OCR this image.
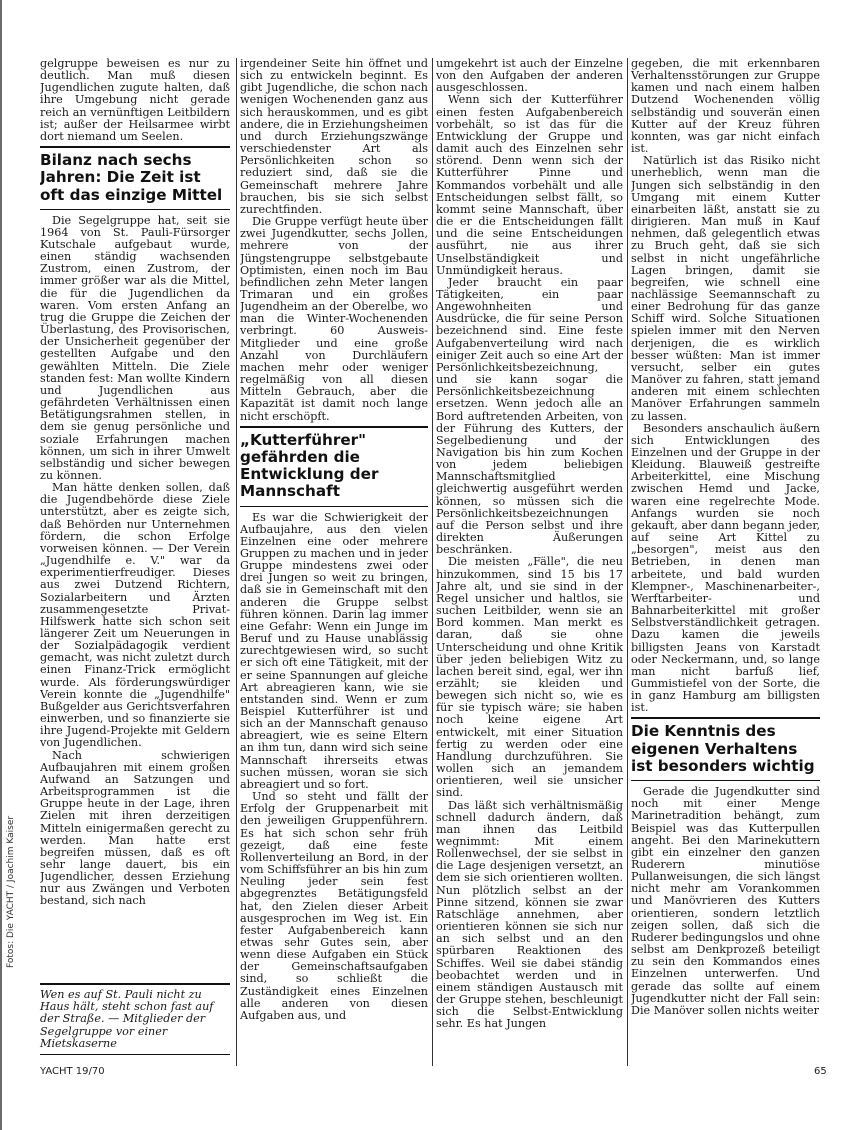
gelgruppe beweisen es nur zu deutlich. Man muß diesen Jugendlichen zugute halten, daß ihre Umgebung nicht gerade reich an vernünftigen Leitbildern ist; außer der Heilsarmee wirbt dort niemand um Seelen.

Bilanz nach sechs Jahren: Die Zeit ist oft das einzige Mittel

Die Segelgruppe hat, seit sie 1964 von St. Pauli-Fürsorger Kutschale aufgebaut wurde, einen ständig wachsenden Zustrom, einen Zustrom, der immer größer war als die Mittel, die für die Jugendlichen da waren. Vom ersten Anfang an trug die Gruppe die Zeichen der Überlastung, des Provisorischen, der Unsicherheit gegenüber der gestellten Aufgabe und den gewählten Mitteln. Die Ziele standen fest: Man wollte Kindern und Jugendlichen aus gefährdeten Verhältnissen einen Betätigungsrahmen stellen, in dem sie genug persönliche und soziale Erfahrungen machen können, um sich in ihrer Umwelt selbständig und sicher bewegen zu können.

Man hätte denken sollen, daß die Jugendbehörde diese Ziele unterstützt, aber es zeigte sich, daß Behörden nur Unternehmen fördern, die schon Erfolge vorweisen können. — Der Verein „Jugendhilfe e. V." war da experimentierfreudiger. Dieses aus zwei Dutzend Richtern, Sozialarbeitern und Ärzten zusammengesetzte Privat-Hilfswerk hatte sich schon seit längerer Zeit um Neuerungen in der Sozialpädagogik verdient gemacht, was nicht zuletzt durch einen Finanz-Trick ermöglicht wurde. Als förderungswürdiger Verein konnte die „Jugendhilfe" Bußgelder aus Gerichtsverfahren einwerben, und so finanzierte sie ihre Jugend-Projekte mit Geldern von Jugendlichen.

Nach schwierigen Aufbaujahren mit einem großen Aufwand an Satzungen und Arbeitsprogrammen ist die Gruppe heute in der Lage, ihren Zielen mit ihren derzeitigen Mitteln einigermaßen gerecht zu werden. Man hatte erst begreifen müssen, daß es oft sehr lange dauert, bis ein Jugendlicher, dessen Erziehung nur aus Zwängen und Verboten bestand, sich nach

irgendeiner Seite hin öffnet und sich zu entwickeln beginnt. Es gibt Jugendliche, die schon nach wenigen Wochenenden ganz aus sich herauskommen, und es gibt andere, die in Erziehungsheimen und durch Erziehungszwänge verschiedenster Art als Persönlichkeiten schon so reduziert sind, daß sie die Gemeinschaft mehrere Jahre brauchen, bis sie sich selbst zurechtfinden.

Die Gruppe verfügt heute über zwei Jugendkutter, sechs Jollen, mehrere von der Jüngstengruppe selbstgebaute Optimisten, einen noch im Bau befindlichen zehn Meter langen Trimaran und ein großes Jugendheim an der Oberelbe, wo man die Winter-Wochenenden verbringt. 60 Ausweis-Mitglieder und eine große Anzahl von Durchläufern machen mehr oder weniger regelmäßig von all diesen Mitteln Gebrauch, aber die Kapazität ist damit noch lange nicht erschöpft.

„Kutterführer" gefährden die Entwicklung der Mannschaft

Es war die Schwierigkeit der Aufbaujahre, aus den vielen Einzelnen eine oder mehrere Gruppen zu machen und in jeder Gruppe mindestens zwei oder drei Jungen so weit zu bringen, daß sie in Gemeinschaft mit den anderen die Gruppe selbst führen können. Darin lag immer eine Gefahr: Wenn ein Junge im Beruf und zu Hause unablässig zurechtgewiesen wird, so sucht er sich oft eine Tätigkeit, mit der er seine Spannungen auf gleiche Art abreagieren kann, wie sie entstanden sind. Wenn er zum Beispiel Kutterführer ist und sich an der Mannschaft genauso abreagiert, wie es seine Eltern an ihm tun, dann wird sich seine Mannschaft ihrerseits etwas suchen müssen, woran sie sich abreagiert und so fort.

Und so steht und fällt der Erfolg der Gruppenarbeit mit den jeweiligen Gruppenführern. Es hat sich schon sehr früh gezeigt, daß eine feste Rollenverteilung an Bord, in der vom Schiffsführer an bis hin zum Neuling jeder sein fest abgegrenztes Betätigungsfeld hat, den Zielen dieser Arbeit ausgesprochen im Weg ist. Ein fester Aufgabenbereich kann etwas sehr Gutes sein, aber wenn diese Aufgaben ein Stück der Gemeinschaftsaufgaben sind, so schließt die Zuständigkeit eines Einzelnen alle anderen von diesen Aufgaben aus, und

umgekehrt ist auch der Einzelne von den Aufgaben der anderen ausgeschlossen.

Wenn sich der Kutterführer einen festen Aufgabenbereich vorbehält, so ist das für die Entwicklung der Gruppe und damit auch des Einzelnen sehr störend. Denn wenn sich der Kutterführer Pinne und Kommandos vorbehält und alle Entscheidungen selbst fällt, so kommt seine Mannschaft, über die er die Entscheidungen fällt und die seine Entscheidungen ausführt, nie aus ihrer Unselbständigkeit und Unmündigkeit heraus.

Jeder braucht ein paar Tätigkeiten, ein paar Angewohnheiten und Ausdrücke, die für seine Person bezeichnend sind. Eine feste Aufgabenverteilung wird nach einiger Zeit auch so eine Art der Persönlichkeitsbezeichnung, und sie kann sogar die Persönlichkeitsbezeichnung ersetzen. Wenn jedoch alle an Bord auftretenden Arbeiten, von der Führung des Kutters, der Segelbedienung und der Navigation bis hin zum Kochen von jedem beliebigen Mannschaftsmitglied gleichwertig ausgeführt werden können, so müssen sich die Persönlichkeitsbezeichnungen auf die Person selbst und ihre direkten Äußerungen beschränken.

Die meisten „Fälle", die neu hinzukommen, sind 15 bis 17 Jahre alt, und sie sind in der Regel unsicher und haltlos, sie suchen Leitbilder, wenn sie an Bord kommen. Man merkt es daran, daß sie ohne Unterscheidung und ohne Kritik über jeden beliebigen Witz zu lachen bereit sind, egal, wer ihn erzählt; sie kleiden und bewegen sich nicht so, wie es für sie typisch wäre; sie haben noch keine eigene Art entwickelt, mit einer Situation fertig zu werden oder eine Handlung durchzuführen. Sie wollen sich an jemandem orientieren, weil sie unsicher sind.

Das läßt sich verhältnismäßig schnell dadurch ändern, daß man ihnen das Leitbild wegnimmt: Mit einem Rollenwechsel, der sie selbst in die Lage desjenigen versetzt, an dem sie sich orientieren wollten. Nun plötzlich selbst an der Pinne sitzend, können sie zwar Ratschläge annehmen, aber orientieren können sie sich nur an sich selbst und an den spürbaren Reaktionen des Schiffes. Weil sie dabei ständig beobachtet werden und in einem ständigen Austausch mit der Gruppe stehen, beschleunigt sich die Selbst-Entwicklung sehr. Es hat Jungen

gegeben, die mit erkennbaren Verhaltensstörungen zur Gruppe kamen und nach einem halben Dutzend Wochenenden völlig selbständig und souverän einen Kutter auf der Kreuz führen konnten, was gar nicht einfach ist.

Natürlich ist das Risiko nicht unerheblich, wenn man die Jungen sich selbständig in den Umgang mit einem Kutter einarbeiten läßt, anstatt sie zu dirigieren. Man muß in Kauf nehmen, daß gelegentlich etwas zu Bruch geht, daß sie sich selbst in nicht ungefährliche Lagen bringen, damit sie begreifen, wie schnell eine nachlässige Seemannschaft zu einer Bedrohung für das ganze Schiff wird. Solche Situationen spielen immer mit den Nerven derjenigen, die es wirklich besser wüßten: Man ist immer versucht, selber ein gutes Manöver zu fahren, statt jemand anderen mit einem schlechten Manöver Erfahrungen sammeln zu lassen.

Besonders anschaulich äußern sich Entwicklungen des Einzelnen und der Gruppe in der Kleidung. Blauweiß gestreifte Arbeiterkittel, eine Mischung zwischen Hemd und Jacke, waren eine regelrechte Mode. Anfangs wurden sie noch gekauft, aber dann begann jeder, auf seine Art Kittel zu „besorgen", meist aus den Betrieben, in denen man arbeitete, und bald wurden Klempner-, Maschinenarbeiter-, Werftarbeiter- und Bahnarbeiterkittel mit großer Selbstverständlichkeit getragen. Dazu kamen die jeweils billigsten Jeans von Karstadt oder Neckermann, und, so lange man nicht barfuß lief, Gummistiefel von der Sorte, die in ganz Hamburg am billigsten ist.

Die Kenntnis des eigenen Verhaltens ist besonders wichtig

Gerade die Jugendkutter sind noch mit einer Menge Marinetradition behängt, zum Beispiel was das Kutterpullen angeht. Bei den Marinekuttern gibt ein einzelner den ganzen Ruderern minutiöse Pullanweisungen, die sich längst nicht mehr am Vorankommen und Manövrieren des Kutters orientieren, sondern letztlich zeigen sollen, daß sich die Ruderer bedingungslos und ohne selbst am Denkprozeß beteiligt zu sein den Kommandos eines Einzelnen unterwerfen. Und gerade das sollte auf einem Jugendkutter nicht der Fall sein: Die Manöver sollen nichts weiter

Wen es auf St. Pauli nicht zu Haus hält, steht schon fast auf der Straße. — Mitglieder der Segelgruppe vor einer Mietskaserne

Fotos: Die YACHT / Joachim Kaiser
YACHT 19/70	65
